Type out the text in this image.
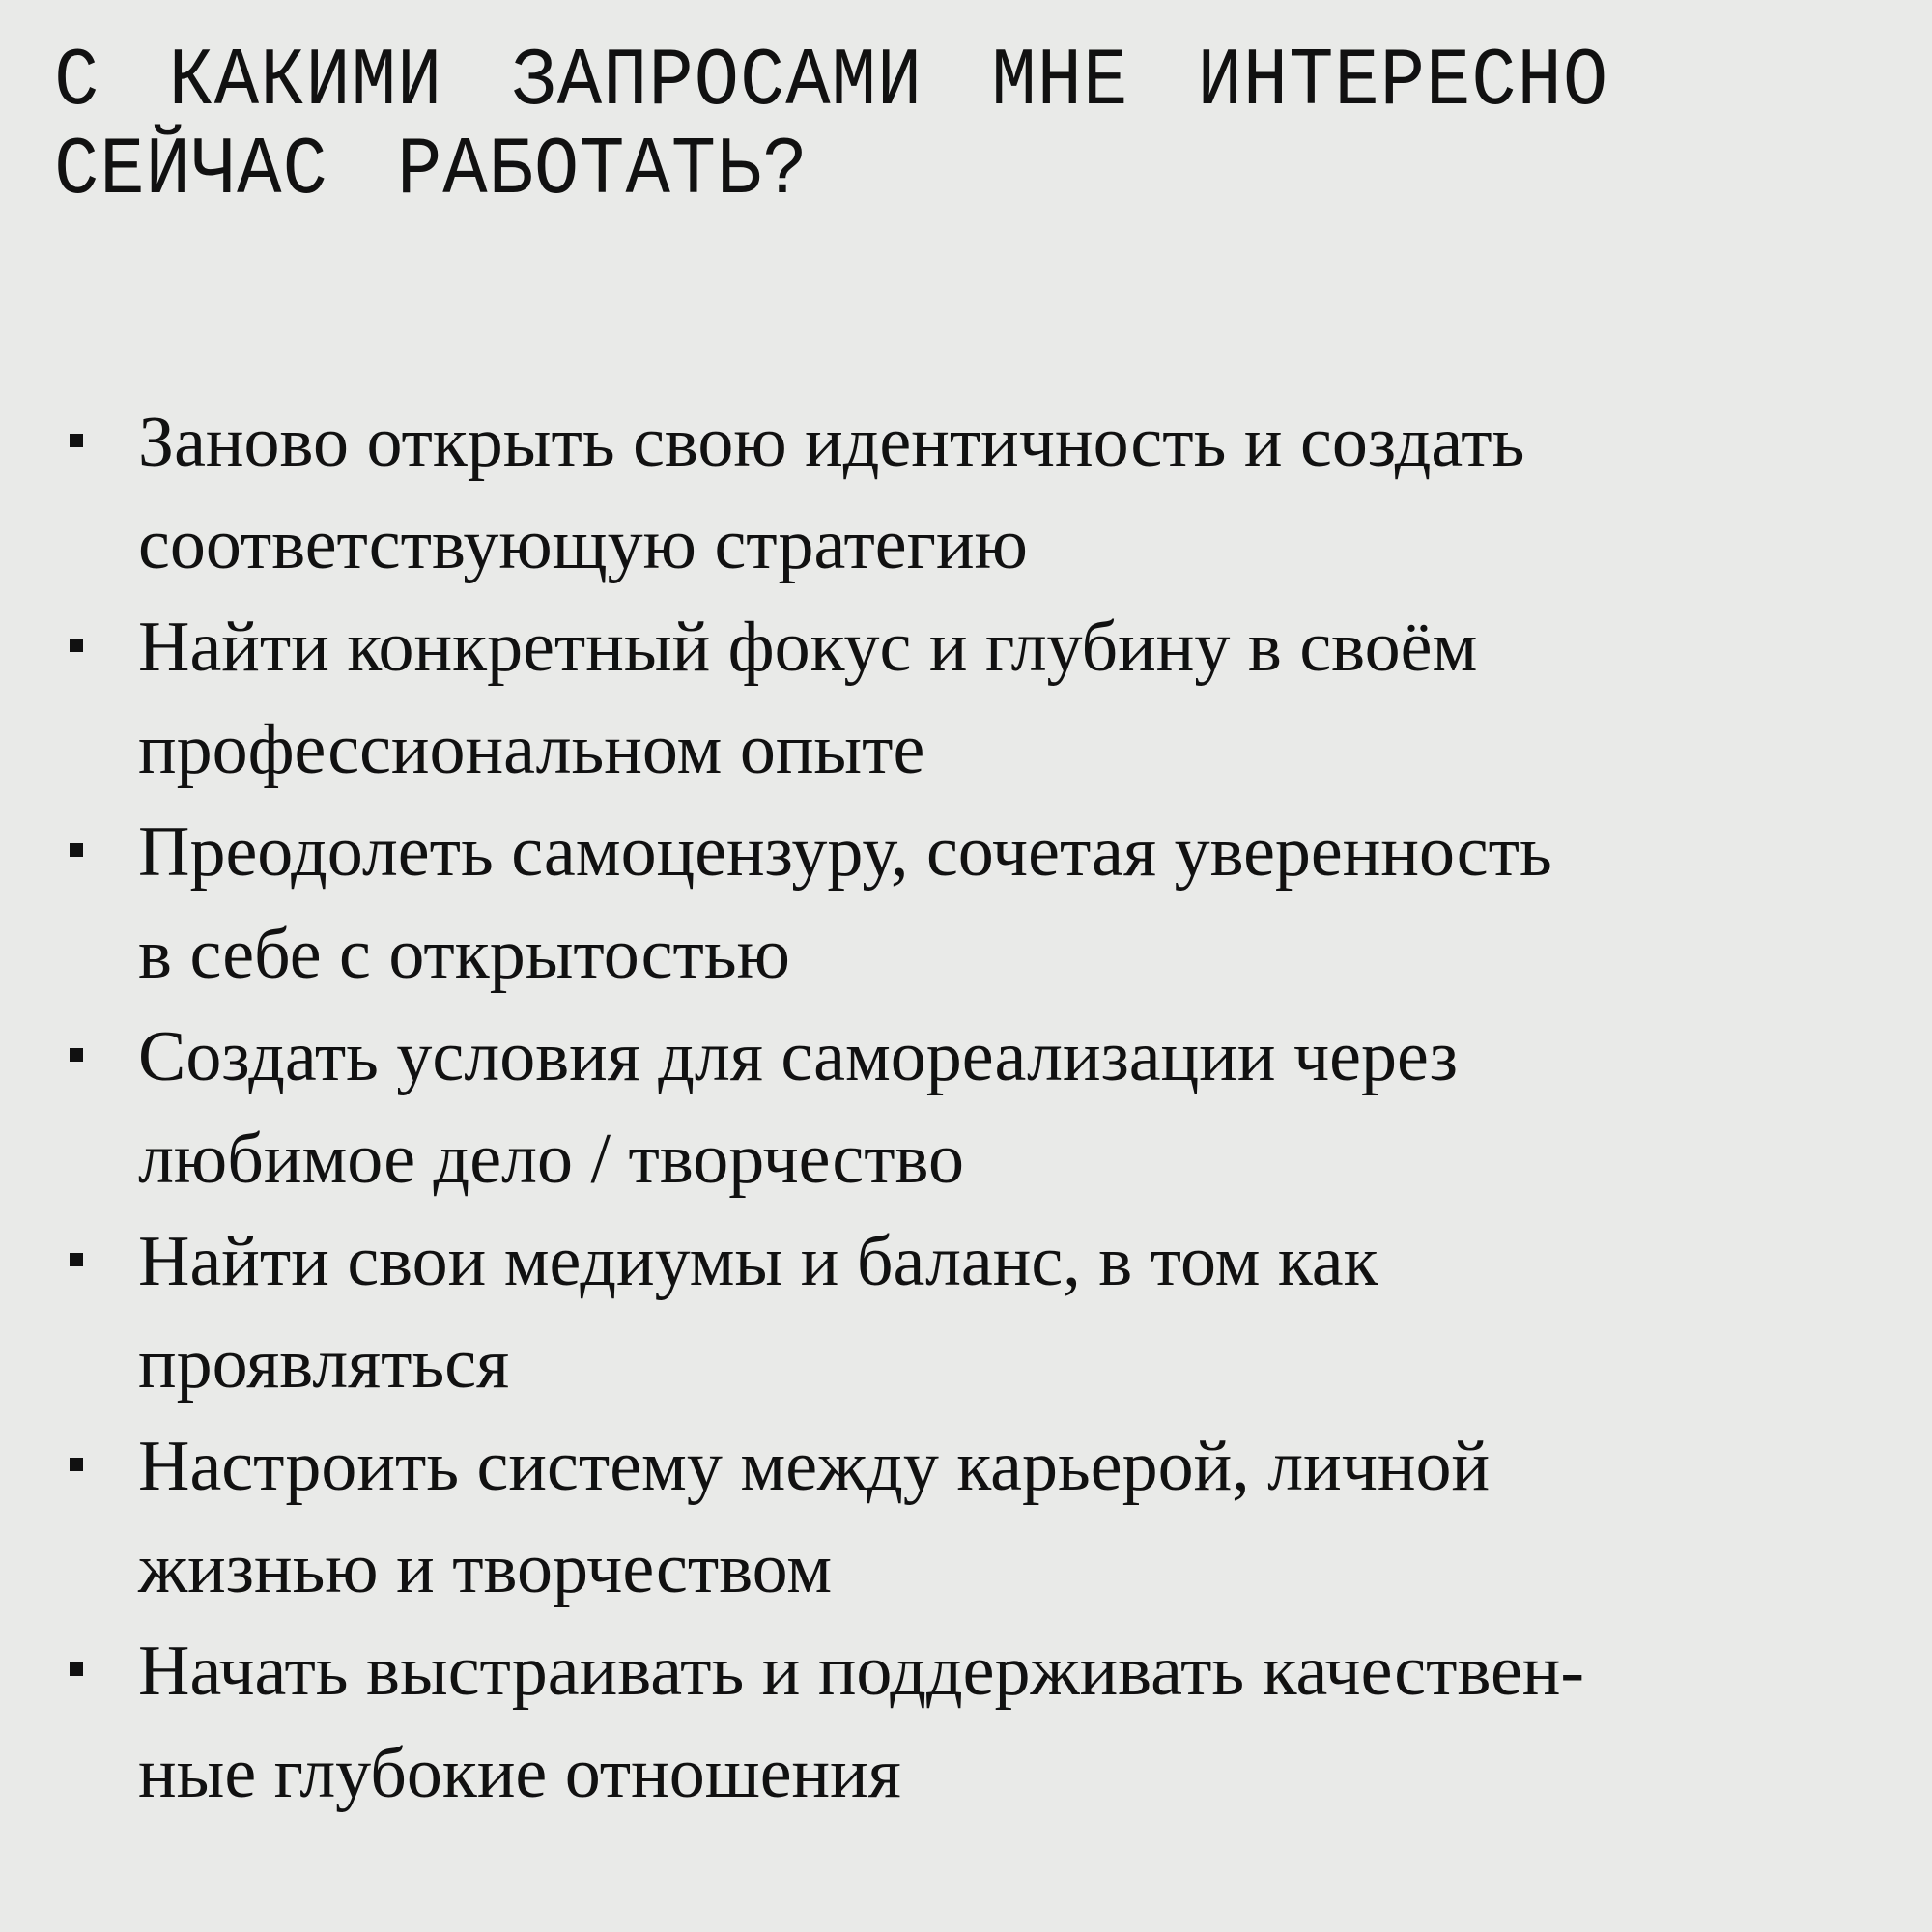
С КАКИМИ ЗАПРОСАМИ МНЕ ИНТЕРЕСНО
СЕЙЧАС РАБОТАТЬ?
Заново открыть свою идентичность и создать
соответствующую стратегию
Найти конкретный фокус и глубину в своём
профессиональном опыте
Преодолеть самоцензуру, сочетая уверенность
в себе с открытостью
Создать условия для самореализации через
любимое дело / творчество
Найти свои медиумы и баланс, в том как
проявляться
Настроить систему между карьерой, личной
жизнью и творчеством
Начать выстраивать и поддерживать качествен-
ные глубокие отношения
